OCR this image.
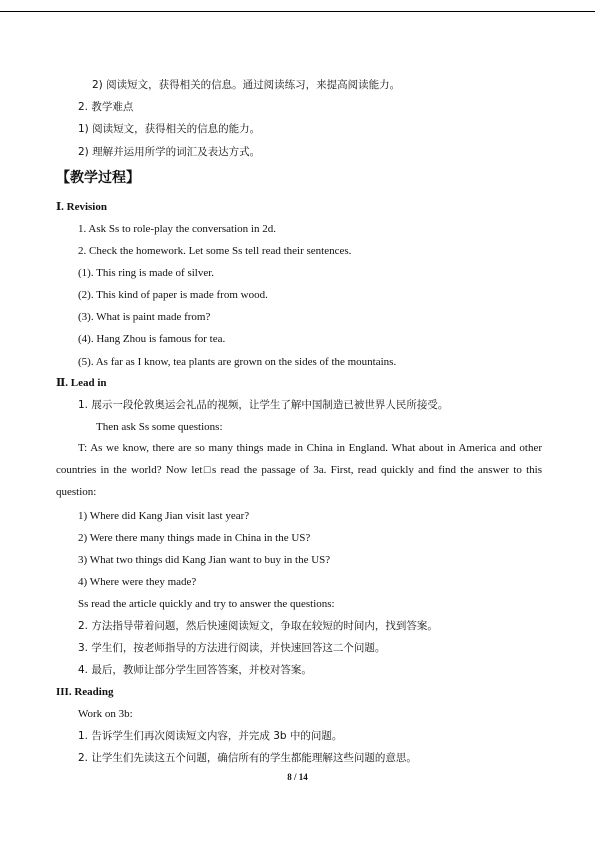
2) 阅读短文，获得相关的信息。通过阅读练习，来提高阅读能力。
2. 教学难点
1) 阅读短文，获得相关的信息的能力。
2) 理解并运用所学的词汇及表达方式。
【教学过程】
Ⅰ. Revision
1. Ask Ss to role-play the conversation in 2d.
2. Check the homework. Let some Ss tell read their sentences.
(1). This ring is made of silver.
(2). This kind of paper is made from wood.
(3). What is paint made from?
(4). Hang Zhou is famous for tea.
(5). As far as I know, tea plants are grown on the sides of the mountains.
Ⅱ. Lead in
1. 展示一段伦敦奥运会礼品的视频，让学生了解中国制造已被世界人民所接受。
Then ask Ss some questions:
T: As we know, there are so many things made in China in England. What about in America and other countries in the world? Now let□s read the passage of 3a. First, read quickly and find the answer to this question:
1) Where did Kang Jian visit last year?
2) Were there many things made in China in the US?
3) What two things did Kang Jian want to buy in the US?
4) Where were they made?
Ss read the article quickly and try to answer the questions:
2. 方法指导带着问题，然后快速阅读短文，争取在较短的时间内，找到答案。
3. 学生们，按老师指导的方法进行阅读，并快速回答这二个问题。
4. 最后，教师让部分学生回答答案，并校对答案。
III. Reading
Work on 3b:
1. 告诉学生们再次阅读短文内容，并完成 3b 中的问题。
2. 让学生们先读这五个问题，确信所有的学生都能理解这些问题的意思。
8 / 14
